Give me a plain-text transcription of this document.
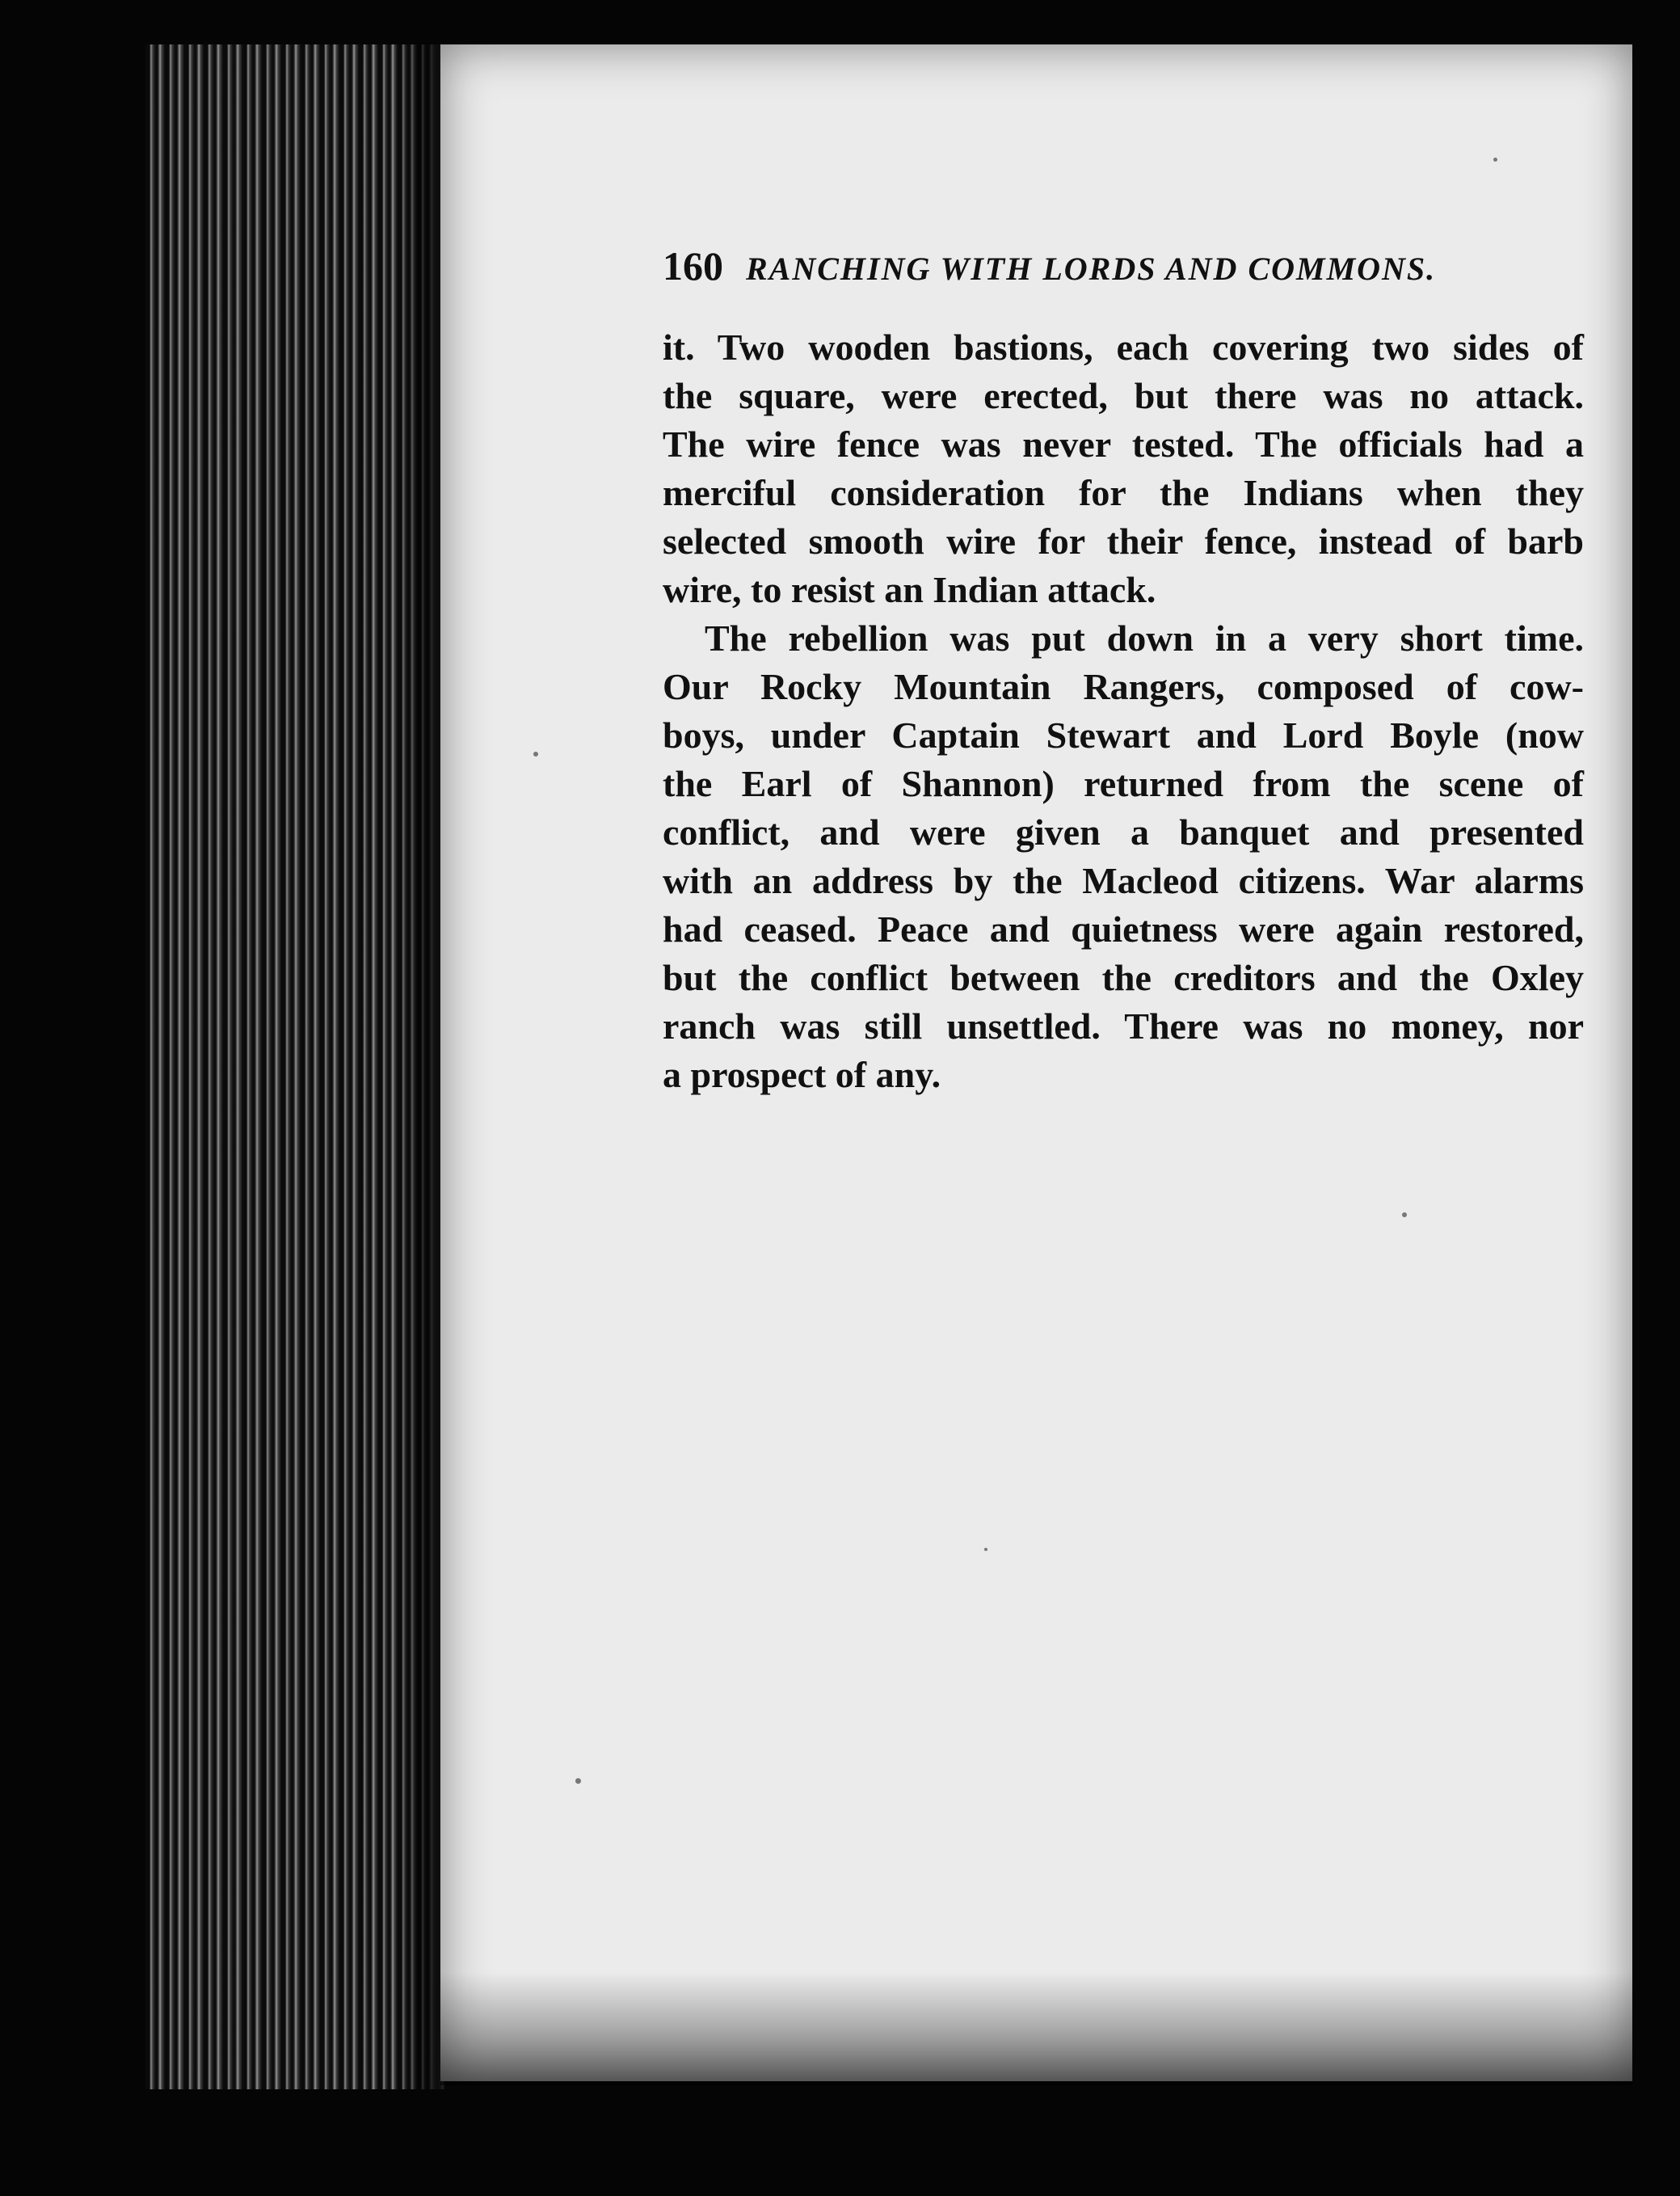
160 RANCHING WITH LORDS AND COMMONS.
it. Two wooden bastions, each covering two sides of
the square, were erected, but there was no attack.
The wire fence was never tested. The officials had a
merciful consideration for the Indians when they
selected smooth wire for their fence, instead of barb
wire, to resist an Indian attack.
The rebellion was put down in a very short time.
Our Rocky Mountain Rangers, composed of cow-
boys, under Captain Stewart and Lord Boyle (now
the Earl of Shannon) returned from the scene of
conflict, and were given a banquet and presented
with an address by the Macleod citizens. War alarms
had ceased. Peace and quietness were again restored,
but the conflict between the creditors and the Oxley
ranch was still unsettled. There was no money, nor
a prospect of any.
